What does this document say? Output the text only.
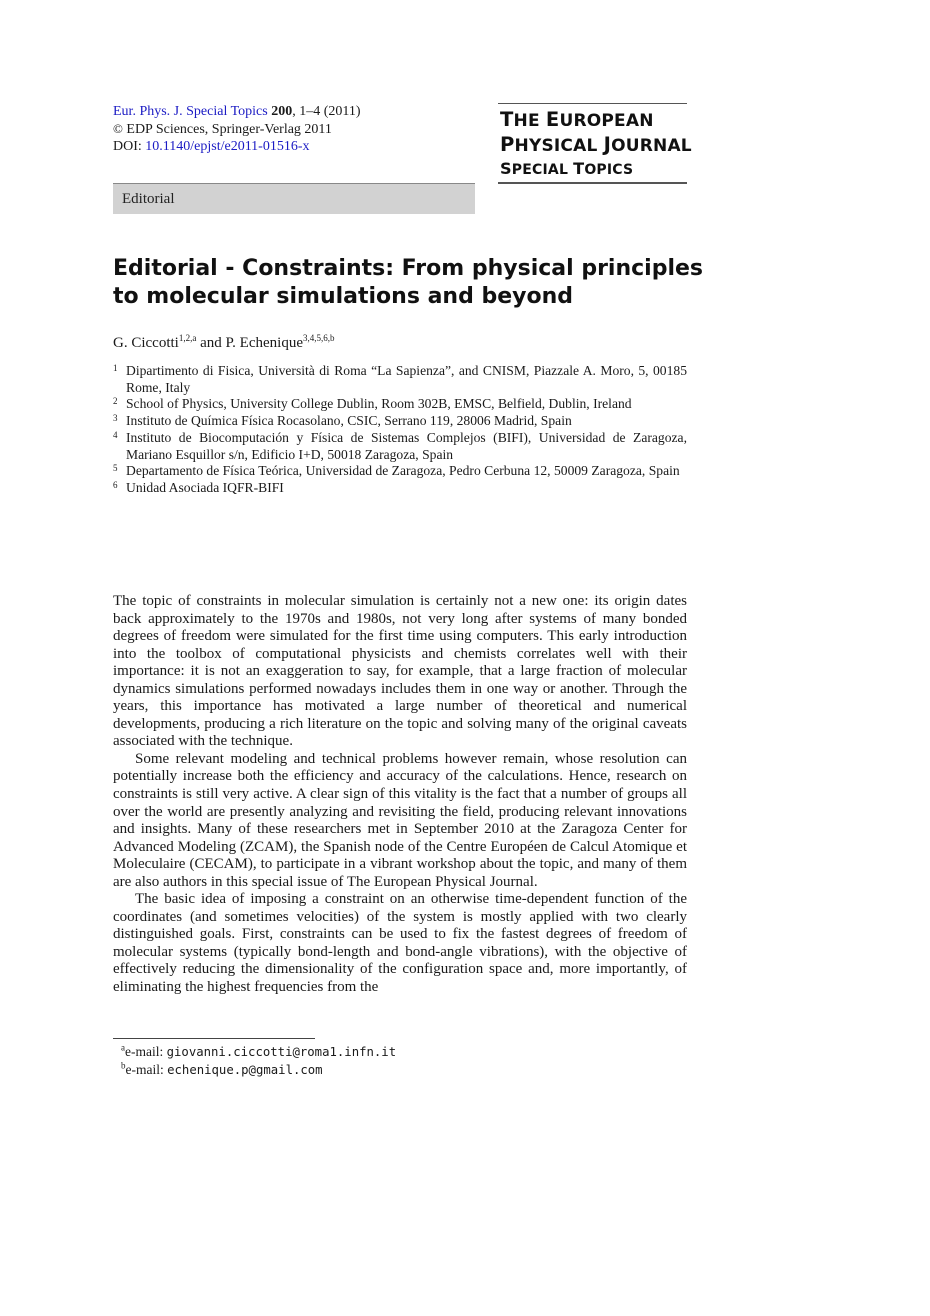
Eur. Phys. J. Special Topics 200, 1–4 (2011)
© EDP Sciences, Springer-Verlag 2011
DOI: 10.1140/epjst/e2011-01516-x
THE EUROPEAN
PHYSICAL JOURNAL
SPECIAL TOPICS
Editorial
Editorial - Constraints: From physical principles to molecular simulations and beyond
G. Ciccotti$^{1,2,a}$ and P. Echenique$^{3,4,5,6,b}$
1 Dipartimento di Fisica, Università di Roma “La Sapienza”, and CNISM, Piazzale A. Moro, 5, 00185 Rome, Italy
2 School of Physics, University College Dublin, Room 302B, EMSC, Belfield, Dublin, Ireland
3 Instituto de Química Física Rocasolano, CSIC, Serrano 119, 28006 Madrid, Spain
4 Instituto de Biocomputación y Física de Sistemas Complejos (BIFI), Universidad de Zaragoza, Mariano Esquillor s/n, Edificio I+D, 50018 Zaragoza, Spain
5 Departamento de Física Teórica, Universidad de Zaragoza, Pedro Cerbuna 12, 50009 Zaragoza, Spain
6 Unidad Asociada IQFR-BIFI

The topic of constraints in molecular simulation is certainly not a new one: its origin dates back approximately to the 1970s and 1980s, not very long after systems of many bonded degrees of freedom were simulated for the first time using computers. This early introduction into the toolbox of computational physicists and chemists correlates well with their importance: it is not an exaggeration to say, for example, that a large fraction of molecular dynamics simulations performed nowadays includes them in one way or another. Through the years, this importance has motivated a large number of theoretical and numerical developments, producing a rich literature on the topic and solving many of the original caveats associated with the technique.

Some relevant modeling and technical problems however remain, whose resolution can potentially increase both the efficiency and accuracy of the calculations. Hence, research on constraints is still very active. A clear sign of this vitality is the fact that a number of groups all over the world are presently analyzing and revisiting the field, producing relevant innovations and insights. Many of these researchers met in September 2010 at the Zaragoza Center for Advanced Modeling (ZCAM), the Spanish node of the Centre Européen de Calcul Atomique et Moleculaire (CECAM), to participate in a vibrant workshop about the topic, and many of them are also authors in this special issue of The European Physical Journal.

The basic idea of imposing a constraint on an otherwise time-dependent function of the coordinates (and sometimes velocities) of the system is mostly applied with two clearly distinguished goals. First, constraints can be used to fix the fastest degrees of freedom of molecular systems (typically bond-length and bond-angle vibrations), with the objective of effectively reducing the dimensionality of the configuration space and, more importantly, of eliminating the highest frequencies from the

$^a$e-mail: giovanni.ciccotti@roma1.infn.it
$^b$e-mail: echenique.p@gmail.com
